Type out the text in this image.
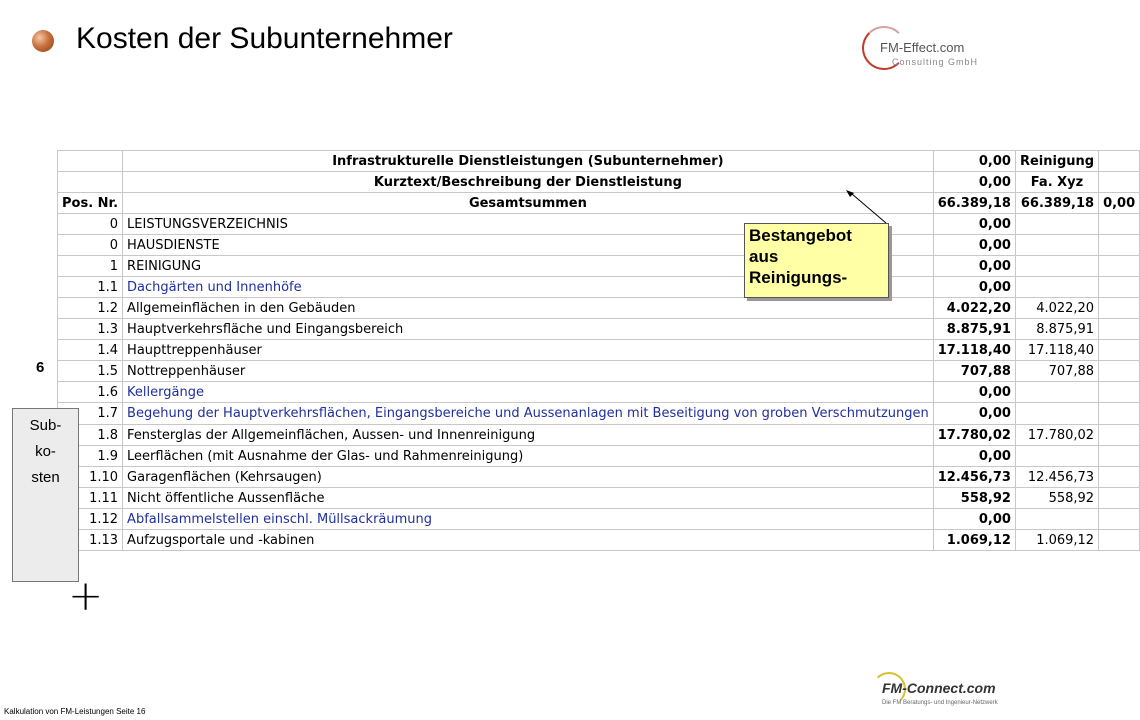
Kosten der Subunternehmer	FM-Effect.com
Consulting GmbH
	Infrastrukturelle Dienstleistungen (Subunternehmer)	0,00	Reinigung	
	Kurztext/Beschreibung der Dienstleistung	0,00	Fa. Xyz	
Pos. Nr.	Gesamtsummen	66.389,18	66.389,18	0,00
0	LEISTUNGSVERZEICHNIS	0,00		
0	HAUSDIENSTE	0,00		
1	REINIGUNG	0,00		
1.1	Dachgärten und Innenhöfe	0,00		
1.2	Allgemeinflächen in den Gebäuden	4.022,20	4.022,20	
1.3	Hauptverkehrsfläche und Eingangsbereich	8.875,91	8.875,91	
1.4	Haupttreppenhäuser	17.118,40	17.118,40	
1.5	Nottreppenhäuser	707,88	707,88	
1.6	Kellergänge	0,00		
1.7	Begehung der Hauptverkehrsflächen, Eingangsbereiche und Aussenanlagen mit Beseitigung von groben Verschmutzungen	0,00		
1.8	Fensterglas der Allgemeinflächen, Aussen- und Innenreinigung	17.780,02	17.780,02	
1.9	Leerflächen (mit Ausnahme der Glas- und Rahmenreinigung)	0,00		
1.10	Garagenflächen (Kehrsaugen)	12.456,73	12.456,73	
1.11	Nicht öffentliche Aussenfläche	558,92	558,92	
1.12	Abfallsammelstellen einschl. Müllsackräumung	0,00		
1.13	Aufzugsportale und -kabinen	1.069,12	1.069,12	
Bestangebot
aus
Reinigungs-
6
Sub-
ko-
sten
+
Kalkulation von FM-Leistungen Seite 16
FM-Connect.com
Die FM Beratungs- und Ingenieur-Netzwerk
